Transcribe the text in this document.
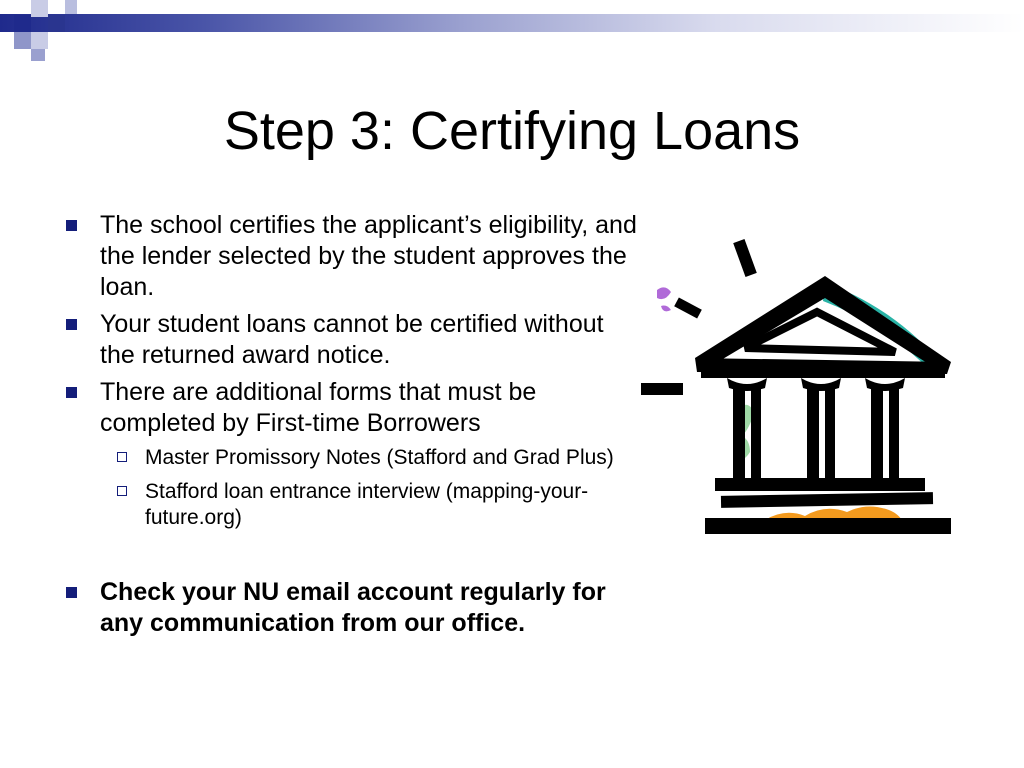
Step 3: Certifying Loans
The school certifies the applicant’s eligibility, and the lender selected by the student approves the loan.
Your student loans cannot be certified without the returned award notice.
There are additional forms that must be completed by First-time Borrowers
Master Promissory Notes (Stafford and Grad Plus)
Stafford loan entrance interview (mapping-your-future.org)
Check your NU email account regularly for any communication from our office.
